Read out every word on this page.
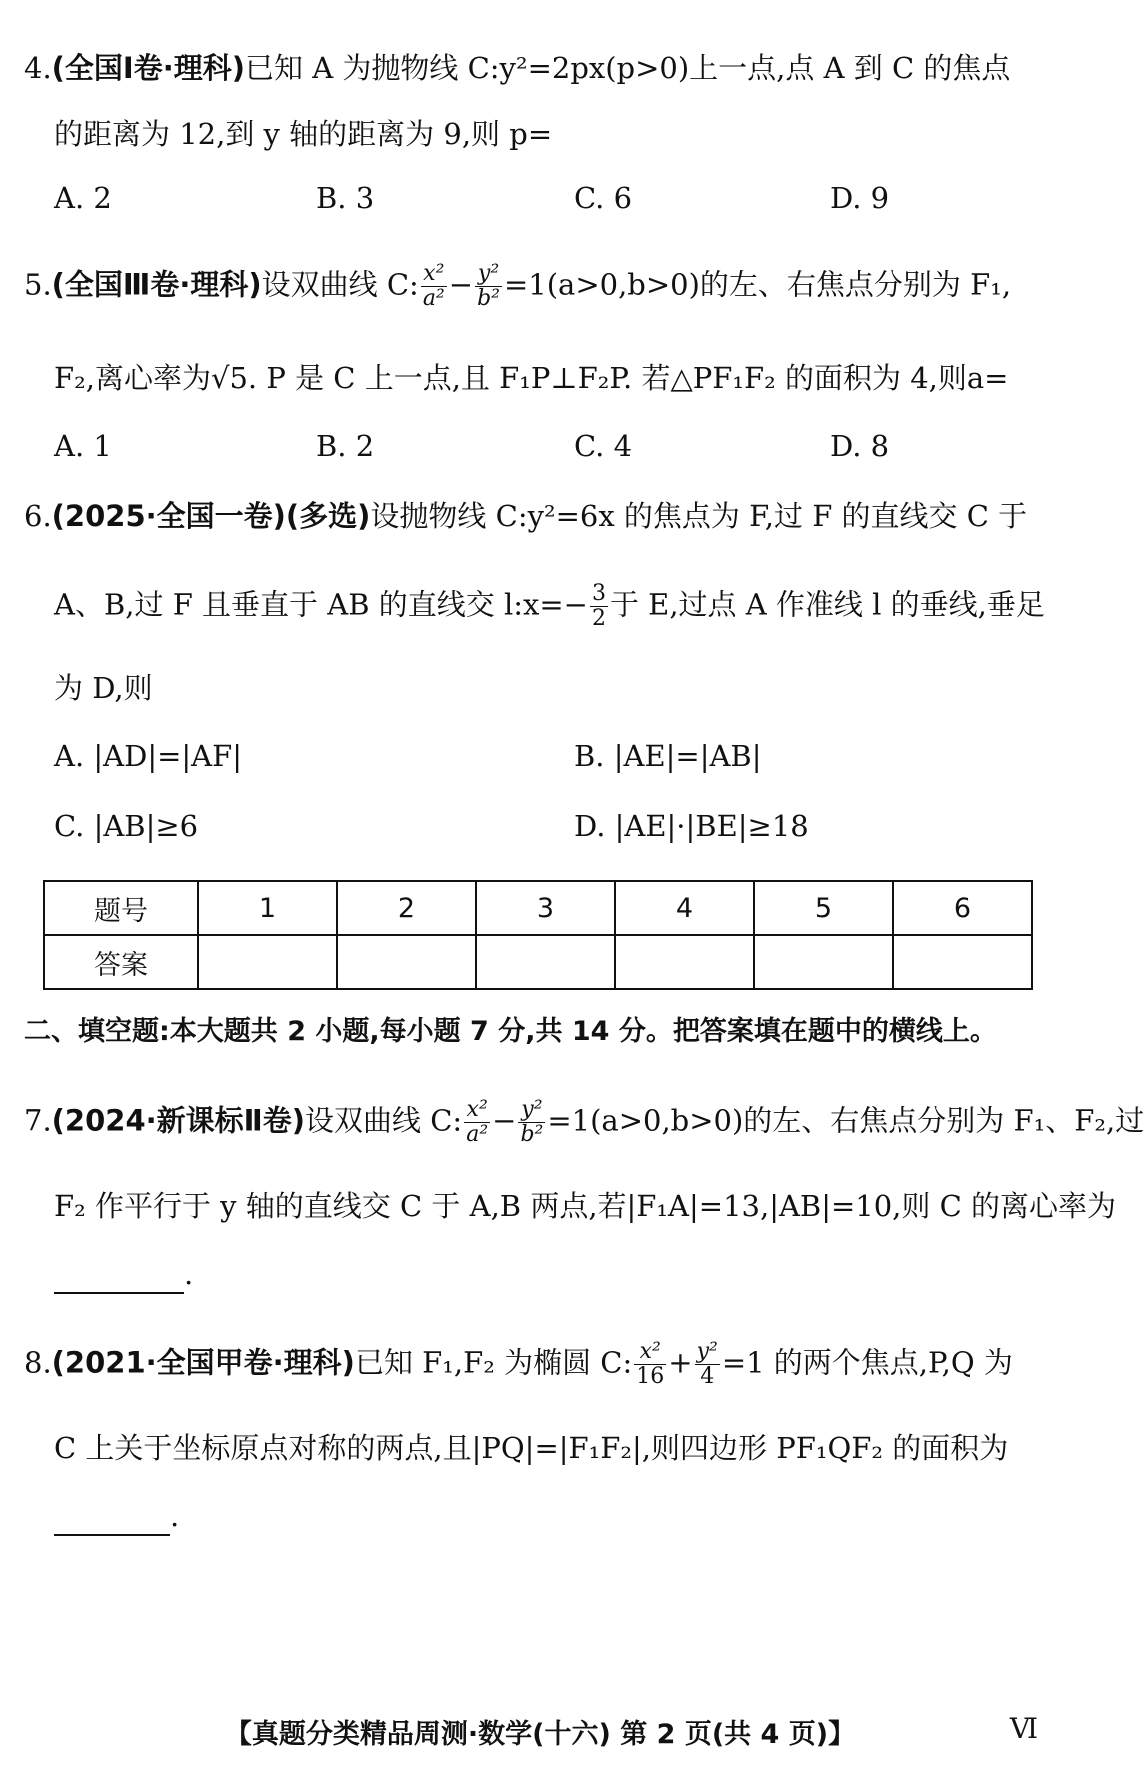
4.(全国Ⅰ卷·理科)已知 A 为抛物线 C:y²=2px(p>0)上一点,点 A 到 C 的焦点
的距离为 12,到 y 轴的距离为 9,则 p=
A. 2	B. 3	C. 6	D. 9
5.(全国Ⅲ卷·理科)设双曲线 C: $\frac{\text{x²}}{\text{a²}} - \frac{\text{y²}}{\text{b²}} =1(a>0,b>0)$的左、右焦点分别为 F₁,
F₂,离心率为√5. P 是 C 上一点,且 F₁P⊥F₂P. 若△PF₁F₂ 的面积为 4,则a=
A. 1	B. 2	C. 4	D. 8
6.(2025·全国一卷)(多选)设抛物线 C:y²=6x 的焦点为 F,过 F 的直线交 C 于
A、B,过 F 且垂直于 AB 的直线交 l:x=− $\frac{3}{2}$ 于 E,过点 A 作准线 l 的垂线,垂足
为 D,则
A. |AD|=|AF|	B. |AE|=|AB|
C. |AB|≥6	D. |AE|·|BE|≥18
题号	1	2	3	4	5	6
答案						
二、填空题:本大题共 2 小题,每小题 7 分,共 14 分。把答案填在题中的横线上。
7.(2024·新课标Ⅱ卷)设双曲线 C: $\frac{\text{x²}}{\text{a²}} - \frac{\text{y²}}{\text{b²}} =1(a>0,b>0)$的左、右焦点分别为 F₁、F₂,过
F₂ 作平行于 y 轴的直线交 C 于 A,B 两点,若|F₁A|=13,|AB|=10,则 C 的离心率为
.
8.(2021·全国甲卷·理科)已知 F₁,F₂ 为椭圆 C: $\frac{\text{x²}}{16} + \frac{\text{y²}}{4} =1$ 的两个焦点,P,Q 为
C 上关于坐标原点对称的两点,且|PQ|=|F₁F₂|,则四边形 PF₁QF₂ 的面积为
.
【真题分类精品周测·数学(十六) 第 2 页(共 4 页)】	Ⅵ
